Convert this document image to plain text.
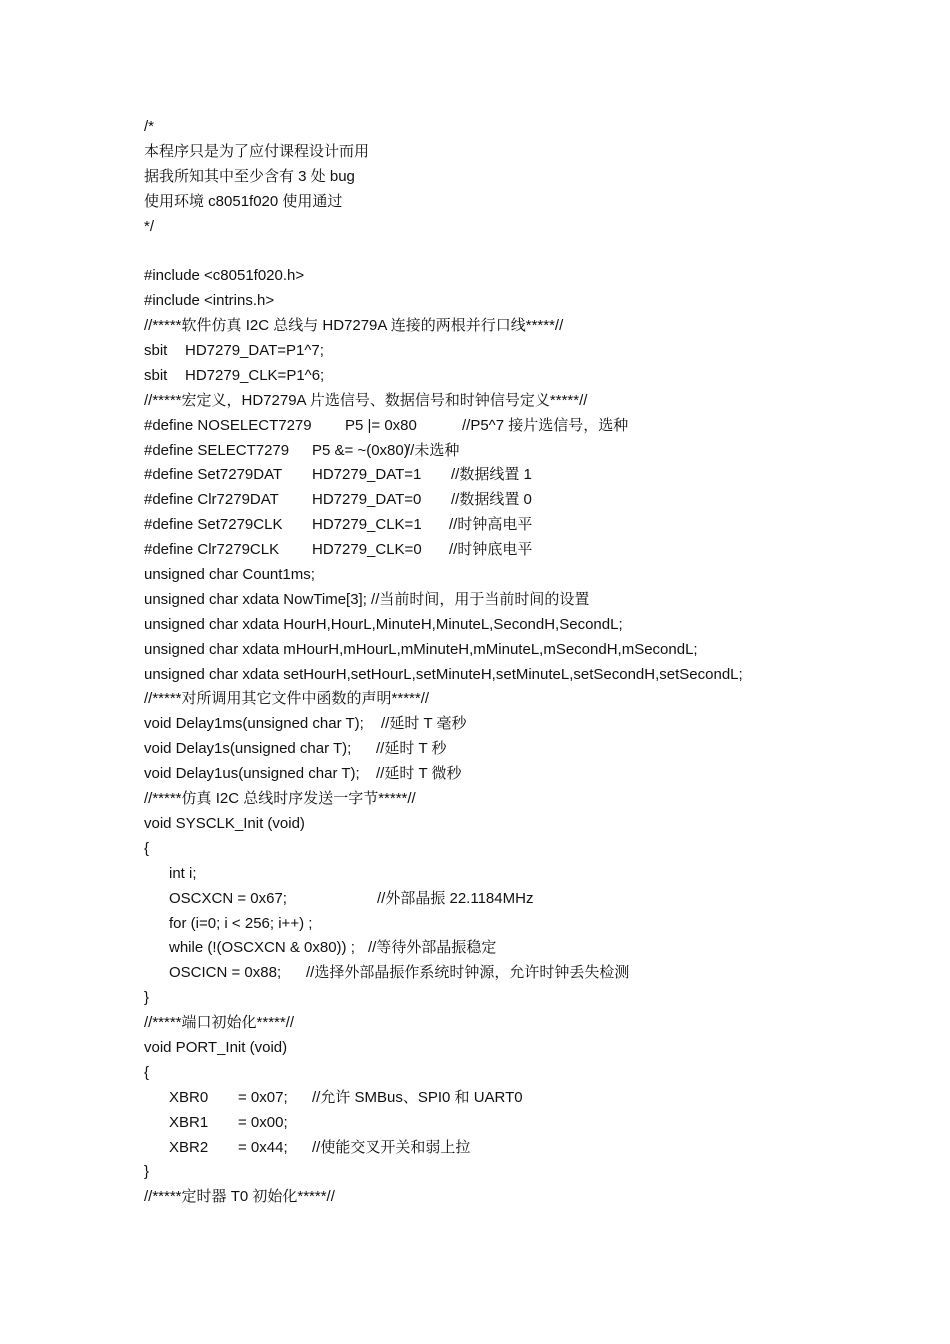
/*
本程序只是为了应付课程设计而用
据我所知其中至少含有 3 处 bug
使用环境 c8051f020 使用通过
*/
#include <c8051f020.h>
#include <intrins.h>
//*****软件仿真 I2C 总线与 HD7279A 连接的两根并行口线*****//
sbit HD7279_DAT=P1^7;
sbit HD7279_CLK=P1^6;
//*****宏定义，HD7279A 片选信号、数据信号和时钟信号定义*****//
#define NOSELECT7279 P5 |= 0x80	//P5^7 接片选信号，选种
#define SELECT7279 P5 &= ~(0x80)
//未选种
#define Set7279DAT HD7279_DAT=1 //数据线置 1
#define Clr7279DAT HD7279_DAT=0 //数据线置 0
#define Set7279CLK HD7279_CLK=1 //时钟高电平
#define Clr7279CLK HD7279_CLK=0 //时钟底电平
unsigned char Count1ms;
unsigned char xdata NowTime[3]; //当前时间，用于当前时间的设置
unsigned char xdata HourH,HourL,MinuteH,MinuteL,SecondH,SecondL;
unsigned char xdata mHourH,mHourL,mMinuteH,mMinuteL,mSecondH,mSecondL;
unsigned char xdata setHourH,setHourL,setMinuteH,setMinuteL,setSecondH,setSecondL;
//*****对所调用其它文件中函数的声明*****//
void Delay1ms(unsigned char T); //延时 T 毫秒
void Delay1s(unsigned char T); //延时 T 秒
void Delay1us(unsigned char T); //延时 T 微秒
//*****仿真 I2C 总线时序发送一字节*****//
void SYSCLK_Init (void)
{
int i;
OSCXCN = 0x67;	//外部晶振 22.1184MHz
for (i=0; i < 256; i++) ;
while (!(OSCXCN & 0x80)) ; //等待外部晶振稳定
OSCICN = 0x88; //选择外部晶振作系统时钟源，允许时钟丢失检测
}
//*****端口初始化*****//
void PORT_Init (void)
{
XBR0 = 0x07; //允许 SMBus、SPI0 和 UART0
XBR1 = 0x00;
XBR2 = 0x44; //使能交叉开关和弱上拉
}
//*****定时器 T0 初始化*****//
